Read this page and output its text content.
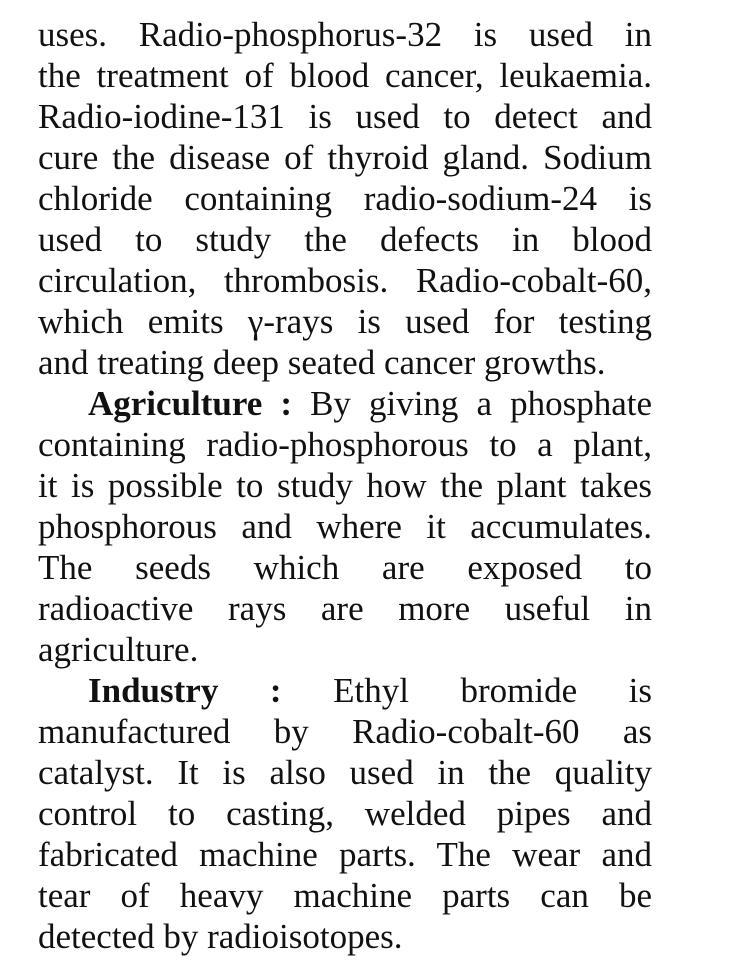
uses. Radio-phosphorus-32 is used in
the treatment of blood cancer, leukaemia.
Radio-iodine-131 is used to detect and
cure the disease of thyroid gland. Sodium
chloride containing radio-sodium-24 is
used to study the defects in blood
circulation, thrombosis. Radio-cobalt-60,
which emits γ-rays is used for testing
and treating deep seated cancer growths.
Agriculture : By giving a phosphate
containing radio-phosphorous to a plant,
it is possible to study how the plant takes
phosphorous and where it accumulates.
The seeds which are exposed to
radioactive rays are more useful in
agriculture.
Industry : Ethyl bromide is
manufactured by Radio-cobalt-60 as
catalyst. It is also used in the quality
control to casting, welded pipes and
fabricated machine parts. The wear and
tear of heavy machine parts can be
detected by radioisotopes.
